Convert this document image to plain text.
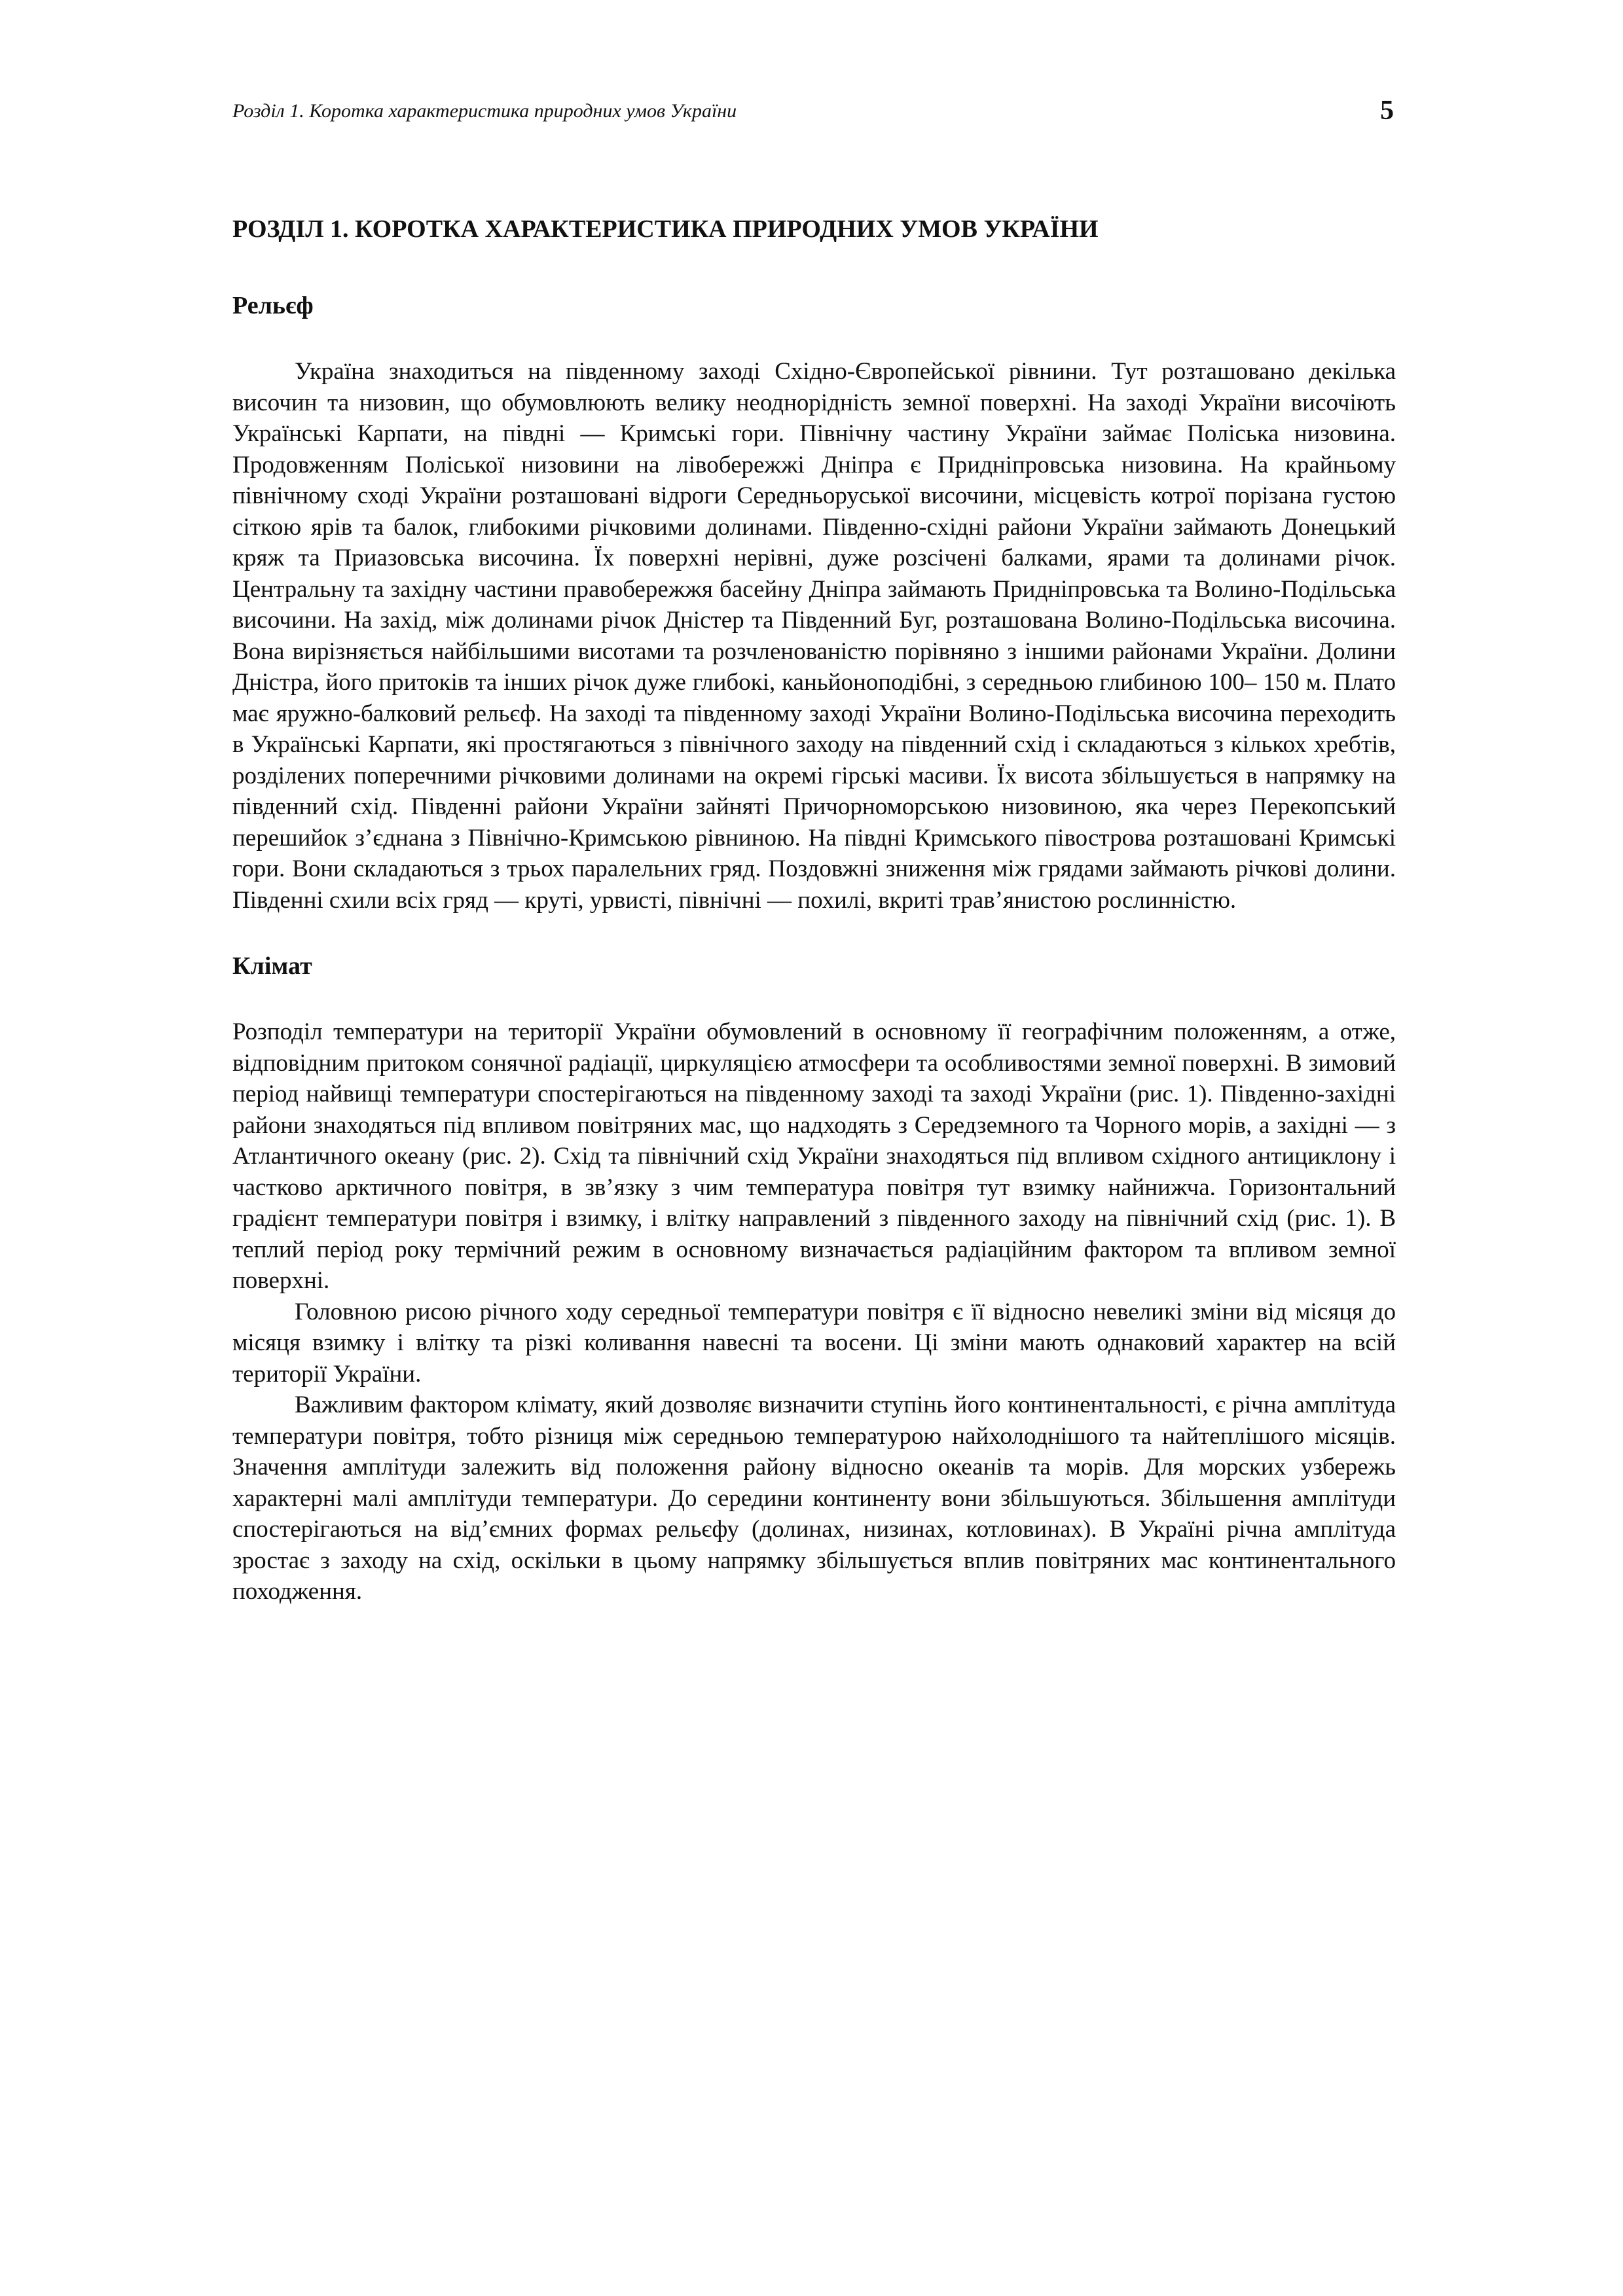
Розділ 1. Коротка характеристика природних умов України	5
РОЗДІЛ 1. КОРОТКА ХАРАКТЕРИСТИКА ПРИРОДНИХ УМОВ УКРАЇНИ
Рельєф

Україна знаходиться на південному заході Східно-Європейської рівнини. Тут розташовано декілька височин та низовин, що обумовлюють велику неоднорідність земної поверхні. На заході України височіють Українські Карпати, на півдні — Кримські гори. Північну частину України займає Поліська низовина. Продовженням Поліської низовини на лівобережжі Дніпра є Придніпровська низовина. На крайньому північному сході України розташовані відроги Середньоруської височини, місцевість котрої порізана густою сіткою ярів та балок, глибокими річковими долинами. Південно-східні райони України займають Донецький кряж та Приазовська височина. Їх поверхні нерівні, дуже розсічені балками, ярами та долинами річок. Центральну та західну частини правобережжя басейну Дніпра займають Придніпровська та Волино-Подільська височини. На захід, між долинами річок Дністер та Південний Буг, розташована Волино-Подільська височина. Вона вирізняється найбільшими висотами та розчленованістю порівняно з іншими районами України. Долини Дністра, його притоків та інших річок дуже глибокі, каньйоноподібні, з середньою глибиною 100– 150 м. Плато має яружно-балковий рельєф. На заході та південному заході України Волино-Подільська височина переходить в Українські Карпати, які простягаються з північного заходу на південний схід і складаються з кількох хребтів, розділених поперечними річковими долинами на окремі гірські масиви. Їх висота збільшується в напрямку на південний схід. Південні райони України зайняті Причорноморською низовиною, яка через Перекопський перешийок з’єднана з Північно-Кримською рівниною. На півдні Кримського півострова розташовані Кримські гори. Вони складаються з трьох паралельних гряд. Поздовжні зниження між грядами займають річкові долини. Південні схили всіх гряд — круті, урвисті, північні — похилі, вкриті трав’янистою рослинністю.

Клімат

Розподіл температури на території України обумовлений в основному її географічним положенням, а отже, відповідним притоком сонячної радіації, циркуляцією атмосфери та особливостями земної поверхні. В зимовий період найвищі температури спостерігаються на південному заході та заході України (рис. 1). Південно-західні райони знаходяться під впливом повітряних мас, що надходять з Середземного та Чорного морів, а західні — з Атлантичного океану (рис. 2). Схід та північний схід України знаходяться під впливом східного антициклону і частково арктичного повітря, в зв’язку з чим температура повітря тут взимку найнижча. Горизонтальний градієнт температури повітря і взимку, і влітку направлений з південного заходу на північний схід (рис. 1). В теплий період року термічний режим в основному визначається радіаційним фактором та впливом земної поверхні.

Головною рисою річного ходу середньої температури повітря є її відносно невеликі зміни від місяця до місяця взимку і влітку та різкі коливання навесні та восени. Ці зміни мають однаковий характер на всій території України.

Важливим фактором клімату, який дозволяє визначити ступінь його континентальності, є річна амплітуда температури повітря, тобто різниця між середньою температурою найхолоднішого та найтеплішого місяців. Значення амплітуди залежить від положення району відносно океанів та морів. Для морских узбережь характерні малі амплітуди температури. До середини континенту вони збільшуються. Збільшення амплітуди спостерігаються на від’ємних формах рельєфу (долинах, низинах, котловинах). В Україні річна амплітуда зростає з заходу на схід, оскільки в цьому напрямку збільшується вплив повітряних мас континентального походження.
